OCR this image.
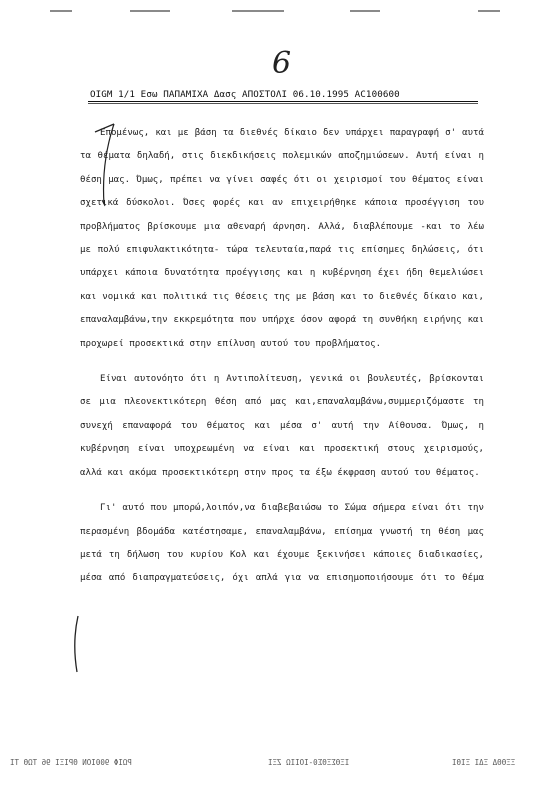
6
OIGM 1/1 Εσω ΠΑΠΑΜΙΧΑ Δασς ΑΠΟΣΤΟΛΙ 06.10.1995 AC100600

Επομένως, και με βάση τα διεθνές δίκαιο δεν υπάρχει παραγραφή σ' αυτά
τα θέματα δηλαδή, στις διεκδικήσεις πολεμικών αποζημιώσεων. Αυτή είναι η
θέση μας. Όμως, πρέπει να γίνει σαφές ότι οι χειρισμοί του θέματος είναι
σχετικά δύσκολοι. Όσες φορές και αν επιχειρήθηκε κάποια προσέγγιση του
προβλήματος βρίσκουμε μια αθεναρή άρνηση. Αλλά, διαβλέπουμε -και το λέω
με πολύ επιφυλακτικότητα- τώρα τελευταία,παρά τις επίσημες δηλώσεις, ότι
υπάρχει κάποια δυνατότητα προέγγισης και η κυβέρνηση έχει ήδη θεμελιώσει
και νομικά και πολιτικά τις θέσεις της με βάση και το διεθνές δίκαιο και,
επαναλαμβάνω,την εκκρεμότητα που υπήρχε όσον αφορά τη συνθήκη ειρήνης και
προχωρεί προσεκτικά στην επίλυση αυτού του προβλήματος.

Είναι αυτονόητο ότι η Αντιπολίτευση, γενικά οι βουλευτές, βρίσκονται
σε μια πλεονεκτικότερη θέση από μας και,επαναλαμβάνω,συμμεριζόμαστε τη
συνεχή επαναφορά του θέματος και μέσα σ' αυτή την Αίθουσα. Όμως, η
κυβέρνηση είναι υποχρεωμένη να είναι και προσεκτική στους χειρισμούς,
αλλά και ακόμα προσεκτικότερη στην προς τα έξω έκφραση αυτού του θέματος.

Γι' αυτό που μπορώ,λοιπόν,να διαβεβαιώσω το Σώμα σήμερα είναι ότι την
περασμένη βδομάδα κατέστησαμε, επαναλαμβάνω, επίσημα γνωστή τη θέση μας
μετά τη δήλωση του κυρίου Κολ και έχουμε ξεκινήσει κάποιες διαδικασίες,
μέσα από διαπραγματεύσεις, όχι απλά για να επισημοποιήσουμε ότι το θέμα

ΡΩΙΦ 900ΙΟΝ ΘΡΙΞΙ 96 ΤΩΘ ΤΙ	ΙΞΘΣΞΘΣ0-ΙΟΙΙΩ ΖΞΙ	ΞΞΘΘΔ ΞΔΙ ΞΙΘΙ
